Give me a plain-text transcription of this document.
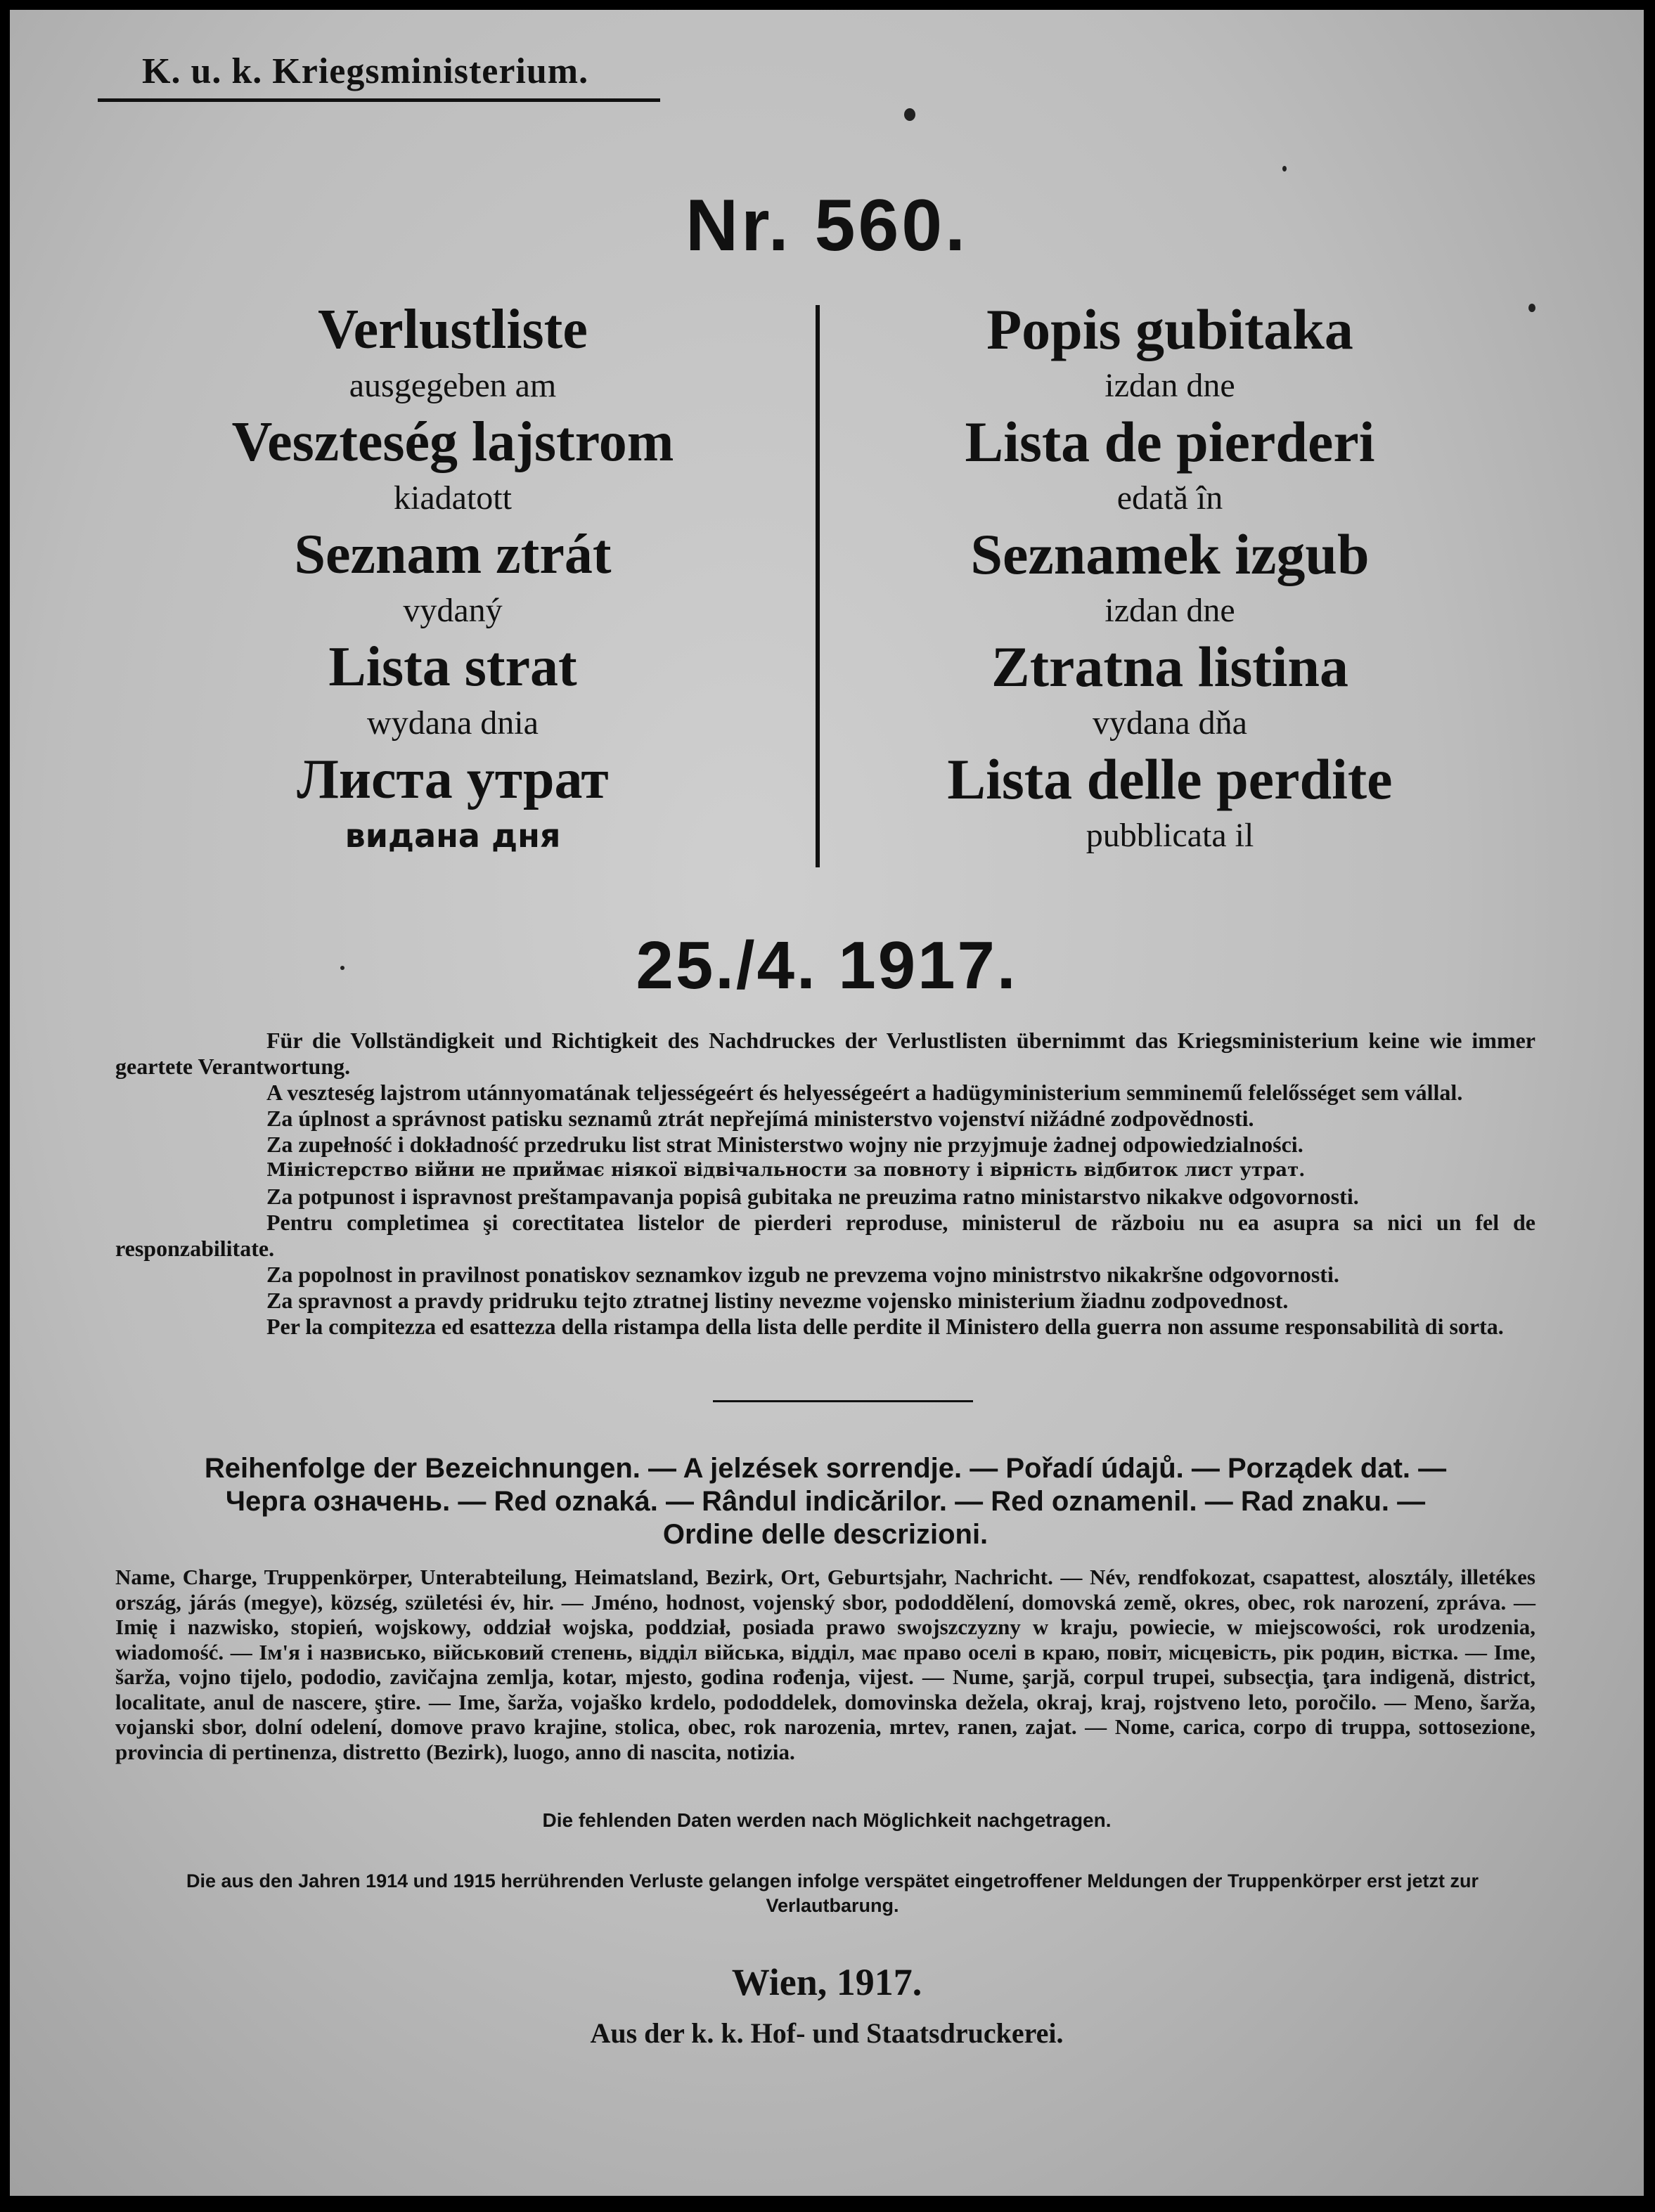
K. u. k. Kriegsministerium.
Nr. 560.
Verlustliste
ausgegeben am
Veszteség lajstrom
kiadatott
Seznam ztrát
vydaný
Lista strat
wydana dnia
Листа утрат
видана дня
Popis gubitaka
izdan dne
Lista de pierderi
edată în
Seznamek izgub
izdan dne
Ztratna listina
vydana dňa
Lista delle perdite
pubblicata il
25./4. 1917.

Für die Vollständigkeit und Richtigkeit des Nachdruckes der Verlustlisten übernimmt das Kriegsministerium keine wie immer geartete Verantwortung.

A veszteség lajstrom utánnyomatának teljességeért és helyességeért a hadügyministerium semminemű felelősséget sem vállal.

Za úplnost a správnost patisku seznamů ztrát nepřejímá ministerstvo vojenství nižádné zodpovědnosti.

Za zupełność i dokładność przedruku list strat Ministerstwo wojny nie przyjmuje żadnej odpowiedzialności.

Міністерство війни не приймає ніякої відвічальности за повноту і вірність відбиток лист утрат.

Za potpunost i ispravnost preštampavanja popisâ gubitaka ne preuzima ratno ministarstvo nikakve odgovornosti.

Pentru completimea şi corectitatea listelor de pierderi reproduse, ministerul de războiu nu ea asupra sa nici un fel de responzabilitate.

Za popolnost in pravilnost ponatiskov seznamkov izgub ne prevzema vojno ministrstvo nikakršne odgovornosti.

Za spravnost a pravdy pridruku tejto ztratnej listiny nevezme vojensko ministerium žiadnu zodpovednost.

Per la compitezza ed esattezza della ristampa della lista delle perdite il Ministero della guerra non assume responsabilità di sorta.

Reihenfolge der Bezeichnungen. — A jelzések sorrendje. — Pořadí údajů. — Porządek dat. —
Черга означень. — Red oznaká. — Rândul indicărilor. — Red oznamenil. — Rad znaku. —
Ordine delle descrizioni.

Name, Charge, Truppenkörper, Unterabteilung, Heimatsland, Bezirk, Ort, Geburtsjahr, Nachricht. — Név, rendfokozat, csapattest, alosztály, illetékes ország, járás (megye), község, születési év, hir. — Jméno, hodnost, vojenský sbor, pododdělení, domovská země, okres, obec, rok narození, zpráva. — Imię i nazwisko, stopień, wojskowy, oddział wojska, poddział, posiada prawo swojszczyzny w kraju, powiecie, w miejscowości, rok urodzenia, wiadomość. — Ім'я і назвисько, військовий степень, відділ війська, відділ, має право оселі в краю, повіт, місцевість, рік родин, вістка. — Ime, šarža, vojno tijelo, pododio, zavičajna zemlja, kotar, mjesto, godina rođenja, vijest. — Nume, şarjă, corpul trupei, subsecţia, ţara indigenă, district, localitate, anul de nascere, ştire. — Ime, šarža, vojaško krdelo, pododdelek, domovinska dežela, okraj, kraj, rojstveno leto, poročilo. — Meno, šarža, vojanski sbor, dolní odelení, domove pravo krajine, stolica, obec, rok narozenia, mrtev, ranen, zajat. — Nome, carica, corpo di truppa, sottosezione, provincia di pertinenza, distretto (Bezirk), luogo, anno di nascita, notizia.

Die fehlenden Daten werden nach Möglichkeit nachgetragen.
Die aus den Jahren 1914 und 1915 herrührenden Verluste gelangen infolge verspätet eingetroffener Meldungen der Truppenkörper erst jetzt zur Verlautbarung.
Wien, 1917.
Aus der k. k. Hof- und Staatsdruckerei.
